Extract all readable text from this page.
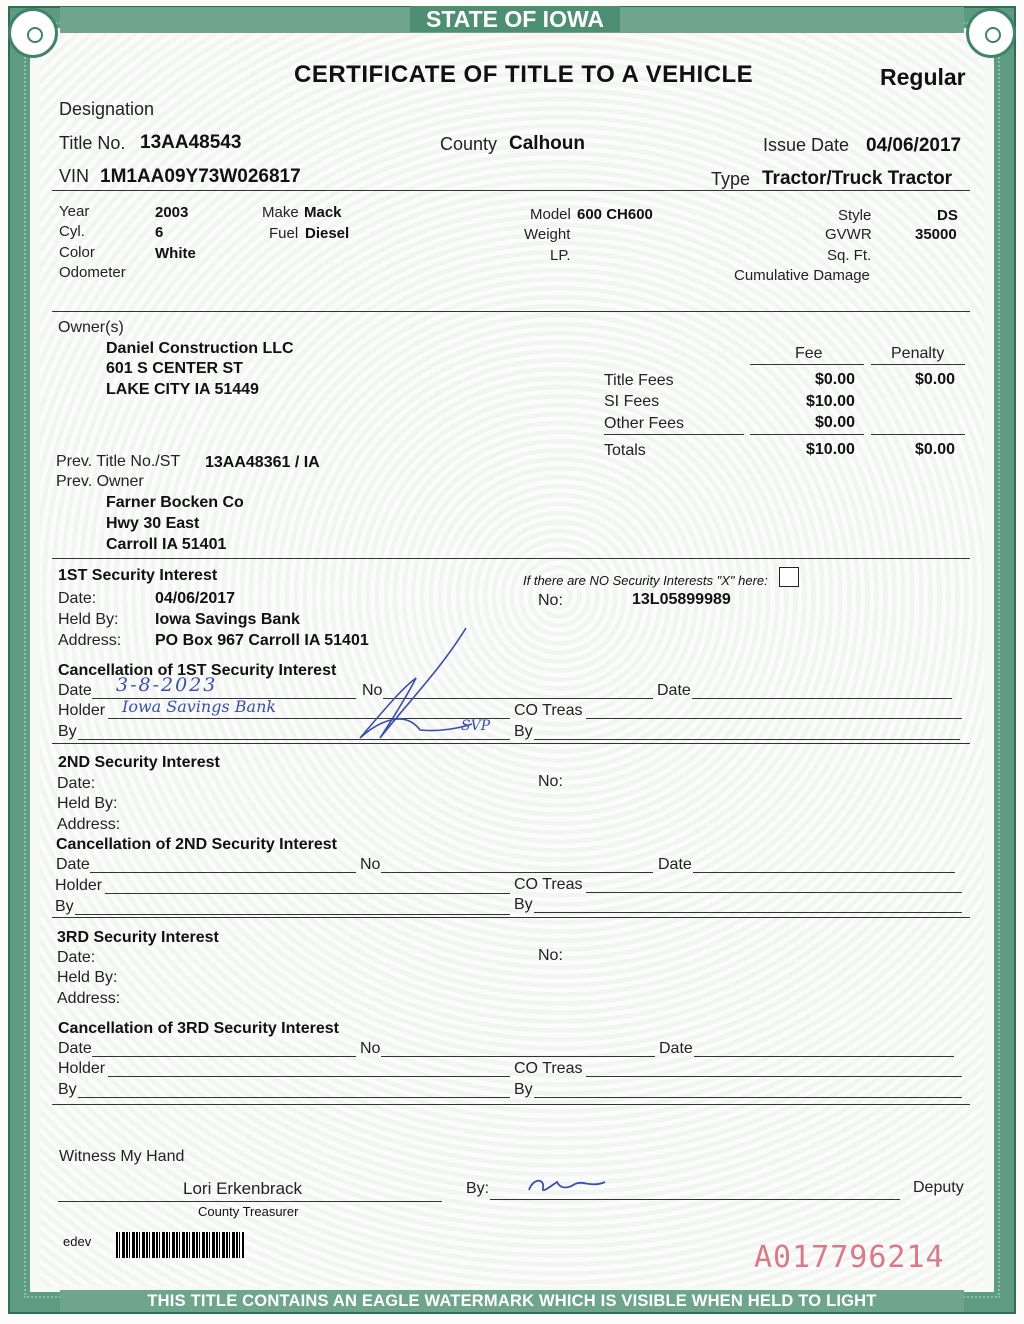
STATE OF IOWA
CERTIFICATE OF TITLE TO A VEHICLE	Regular
Designation
Title No. 13AA48543	County Calhoun	Issue Date 04/06/2017
VIN 1M1AA09Y73W026817	Type Tractor/Truck Tractor
Year	2003
Cyl.	6
Color	White
Odometer
Make Mack
Fuel Diesel
Model 600 CH600
Weight
LP.
Style	DS
GVWR	35000
Sq. Ft.
Cumulative Damage
Owner(s)
Daniel Construction LLC
601 S CENTER ST
LAKE CITY IA 51449
Fee	Penalty
Title Fees	$0.00	$0.00
SI Fees	$10.00
Other Fees	$0.00
Totals	$10.00	$0.00
Prev. Title No./ST 13AA48361 / IA
Prev. Owner
Farner Bocken Co
Hwy 30 East
Carroll IA 51401
1ST Security Interest	If there are NO Security Interests "X" here:
Date:	04/06/2017	No:	13L05899989
Held By: Iowa Savings Bank
Address: PO Box 967 Carroll IA 51401
Cancellation of 1ST Security Interest
Date 3-8-2023	No	Date
Holder Iowa Savings Bank	CO Treas
By	SVP By
2ND Security Interest
Date:	No:
Held By:
Address:
Cancellation of 2ND Security Interest
Date	No	Date
Holder	CO Treas
By	By
3RD Security Interest
Date:	No:
Held By:
Address:
Cancellation of 3RD Security Interest
Date	No	Date
Holder	CO Treas
By	By
Witness My Hand
Lori Erkenbrack
County Treasurer
By:	Deputy
edev	A017796214
THIS TITLE CONTAINS AN EAGLE WATERMARK WHICH IS VISIBLE WHEN HELD TO LIGHT
